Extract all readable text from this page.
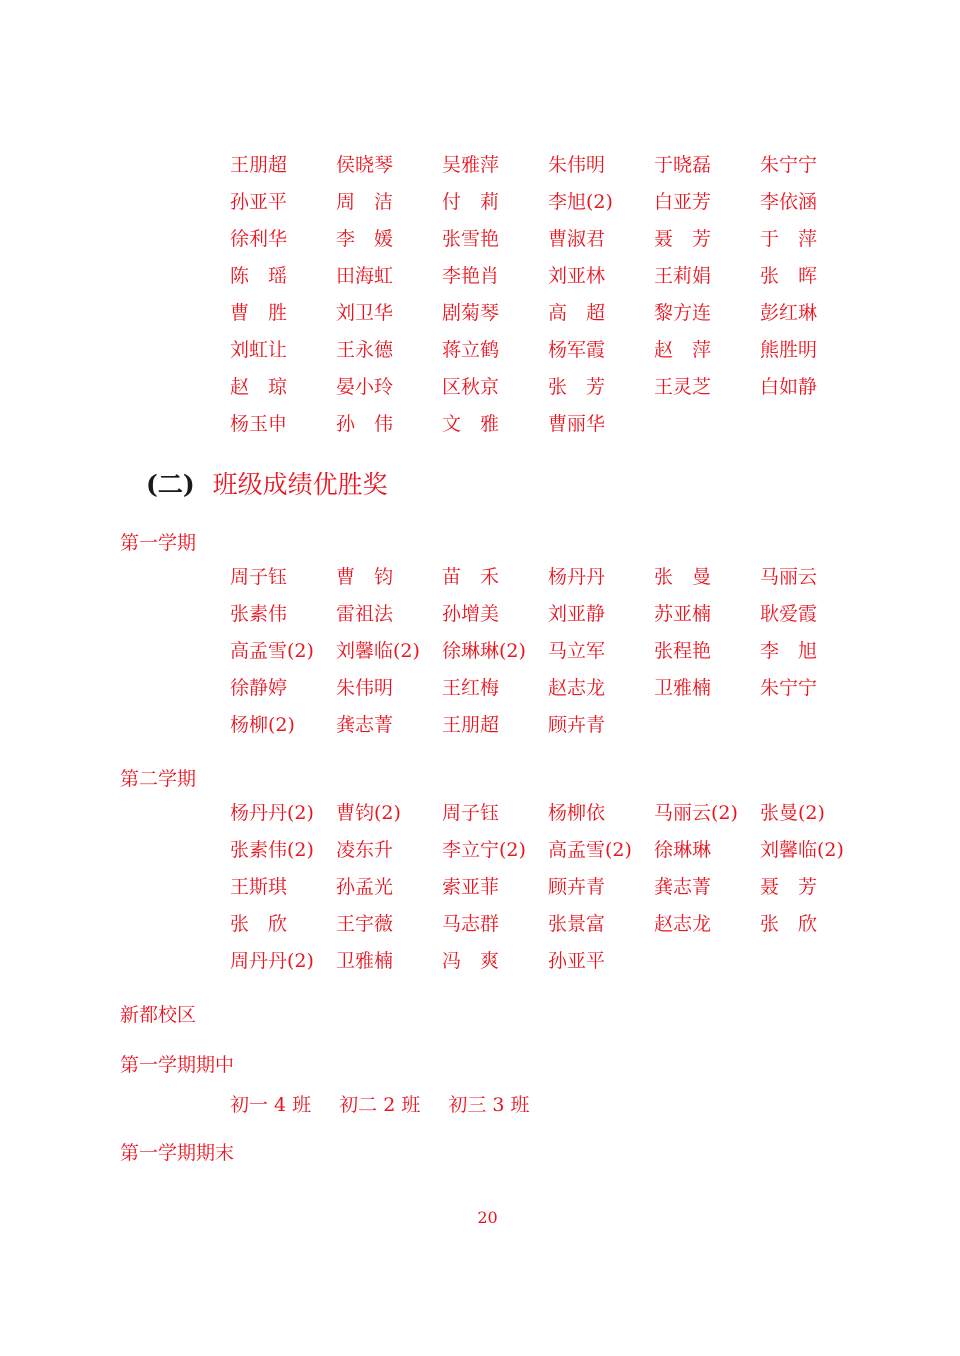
王朋超	侯晓琴	吴雅萍	朱伟明	于晓磊	朱宁宁
孙亚平	周　洁	付　莉	李旭(2)	白亚芳	李依涵
徐利华	李　媛	张雪艳	曹淑君	聂　芳	于　萍
陈　瑶	田海虹	李艳肖	刘亚林	王莉娟	张　晖
曹　胜	刘卫华	剧菊琴	高　超	黎方连	彭红琳
刘虹让	王永德	蒋立鹤	杨军霞	赵　萍	熊胜明
赵　琼	晏小玲	区秋京	张　芳	王灵芝	白如静
杨玉申	孙　伟	文　雅	曹丽华
(二) 班级成绩优胜奖
第一学期
周子钰	曹　钧	苗　禾	杨丹丹	张　曼	马丽云
张素伟	雷祖法	孙增美	刘亚静	苏亚楠	耿爱霞
高孟雪(2)	刘馨临(2)	徐琳琳(2)	马立军	张程艳	李　旭
徐静婷	朱伟明	王红梅	赵志龙	卫雅楠	朱宁宁
杨柳(2)	龚志菁	王朋超	顾卉青
第二学期
杨丹丹(2)	曹钧(2)	周子钰	杨柳依	马丽云(2)	张曼(2)
张素伟(2)	凌东升	李立宁(2)	高孟雪(2)	徐琳琳	刘馨临(2)
王斯琪	孙孟光	索亚菲	顾卉青	龚志菁	聂　芳
张　欣	王宇薇	马志群	张景富	赵志龙	张　欣
周丹丹(2)	卫雅楠	冯　爽	孙亚平
新都校区
第一学期期中
初一 4 班 初二 2 班 初三 3 班
第一学期期末
20
